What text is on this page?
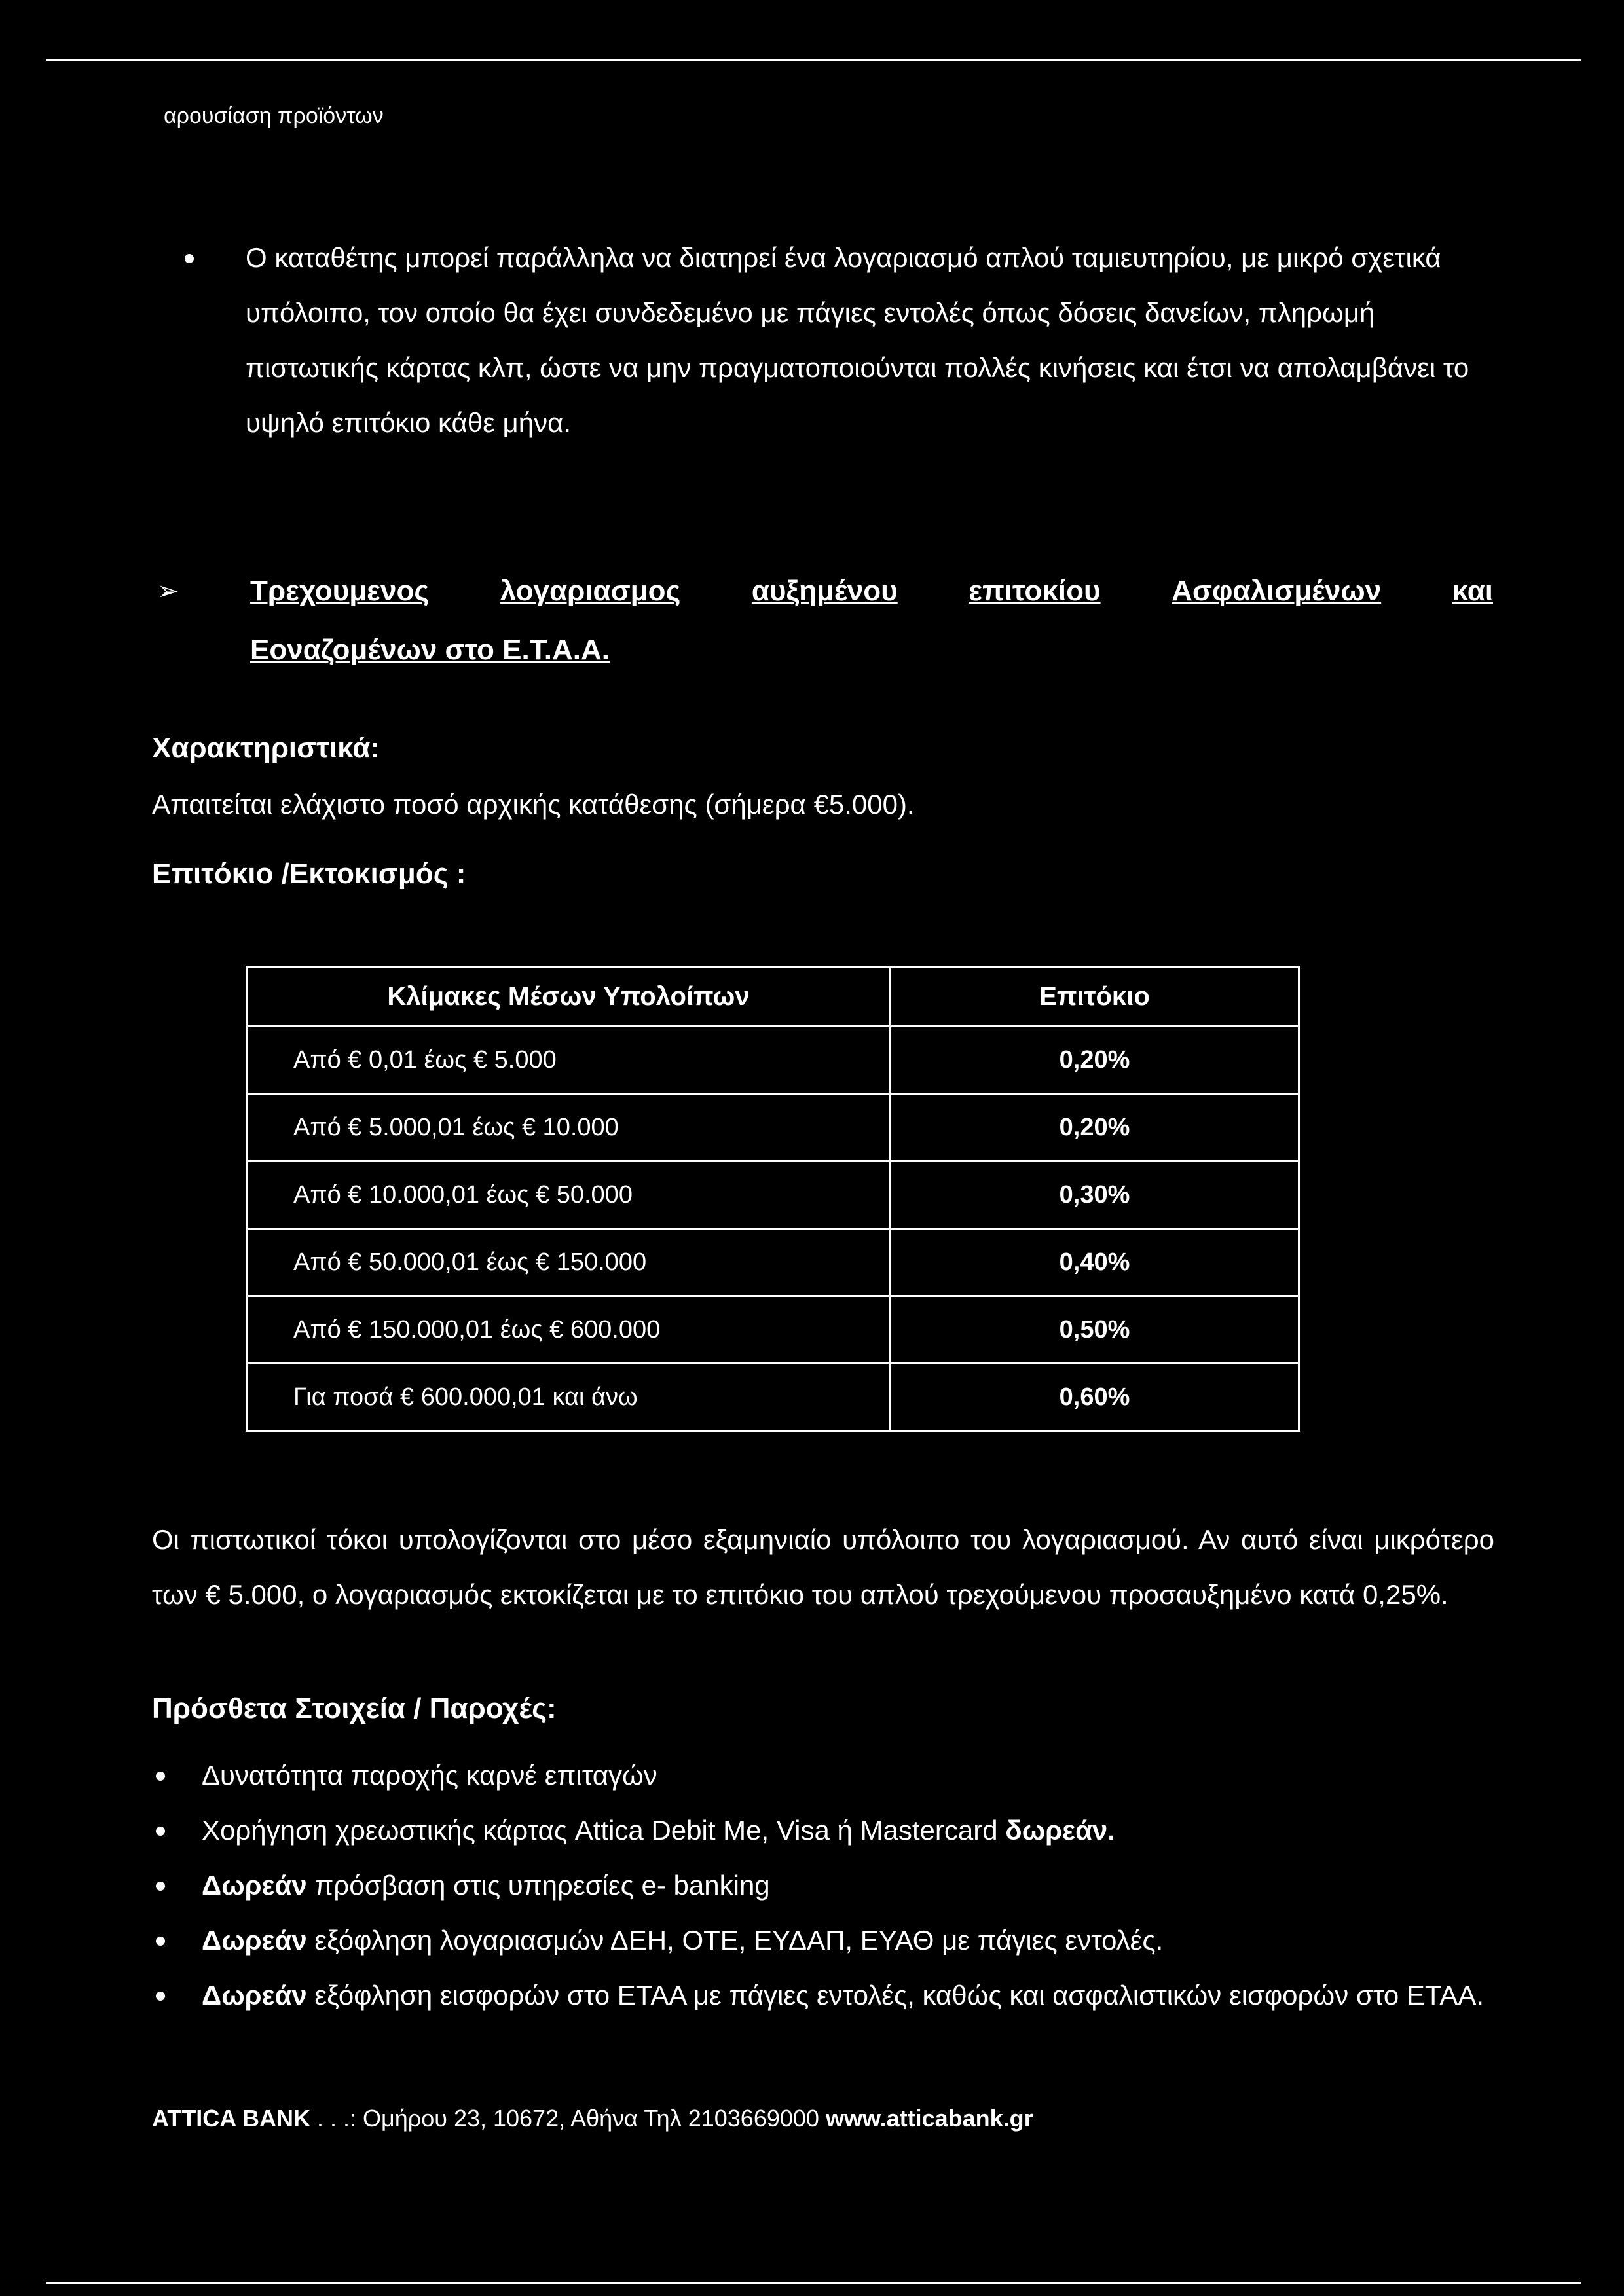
αρουσίαση προϊόντων
Ο καταθέτης μπορεί παράλληλα να διατηρεί ένα λογαριασμό απλού ταμιευτηρίου, με μικρό σχετικά υπόλοιπο, τον οποίο θα έχει συνδεδεμένο με πάγιες εντολές όπως δόσεις δανείων, πληρωμή πιστωτικής κάρτας κλπ, ώστε να μην πραγματοποιούνται πολλές κινήσεις και έτσι να απολαμβάνει το υψηλό επιτόκιο κάθε μήνα.
➢ Τρεχουμενος λογαριασμος αυξημένου επιτοκίου Ασφαλισμένων και
Εοναζομένων στο Ε.Τ.Α.Α.
Χαρακτηριστικά:
Απαιτείται ελάχιστο ποσό αρχικής κατάθεσης (σήμερα €5.000).
Επιτόκιο /Εκτοκισμός :
Κλίμακες Μέσων Υπολοίπων	Επιτόκιο
Από € 0,01 έως € 5.000	0,20%
Από € 5.000,01 έως € 10.000	0,20%
Από € 10.000,01 έως € 50.000	0,30%
Από € 50.000,01 έως € 150.000	0,40%
Από € 150.000,01 έως € 600.000	0,50%
Για ποσά € 600.000,01 και άνω	0,60%
Οι πιστωτικοί τόκοι υπολογίζονται στο μέσο εξαμηνιαίο υπόλοιπο του λογαριασμού. Αν αυτό είναι μικρότερο των € 5.000, ο λογαριασμός εκτοκίζεται με το επιτόκιο του απλού τρεχούμενου προσαυξημένο κατά 0,25%.
Πρόσθετα Στοιχεία / Παροχές:
Δυνατότητα παροχής καρνέ επιταγών
Χορήγηση χρεωστικής κάρτας Attica Debit Me, Visa ή Mastercard δωρεάν.
Δωρεάν πρόσβαση στις υπηρεσίες e- banking
Δωρεάν εξόφληση λογαριασμών ΔΕΗ, ΟΤΕ, ΕΥΔΑΠ, ΕΥΑΘ με πάγιες εντολές.
Δωρεάν εξόφληση εισφορών στο ΕΤΑΑ με πάγιες εντολές, καθώς και ασφαλιστικών εισφορών στο ΕΤΑΑ.
ATTICA BANK . . .: Ομήρου 23, 10672, Αθήνα Τηλ 2103669000 www.atticabank.gr
